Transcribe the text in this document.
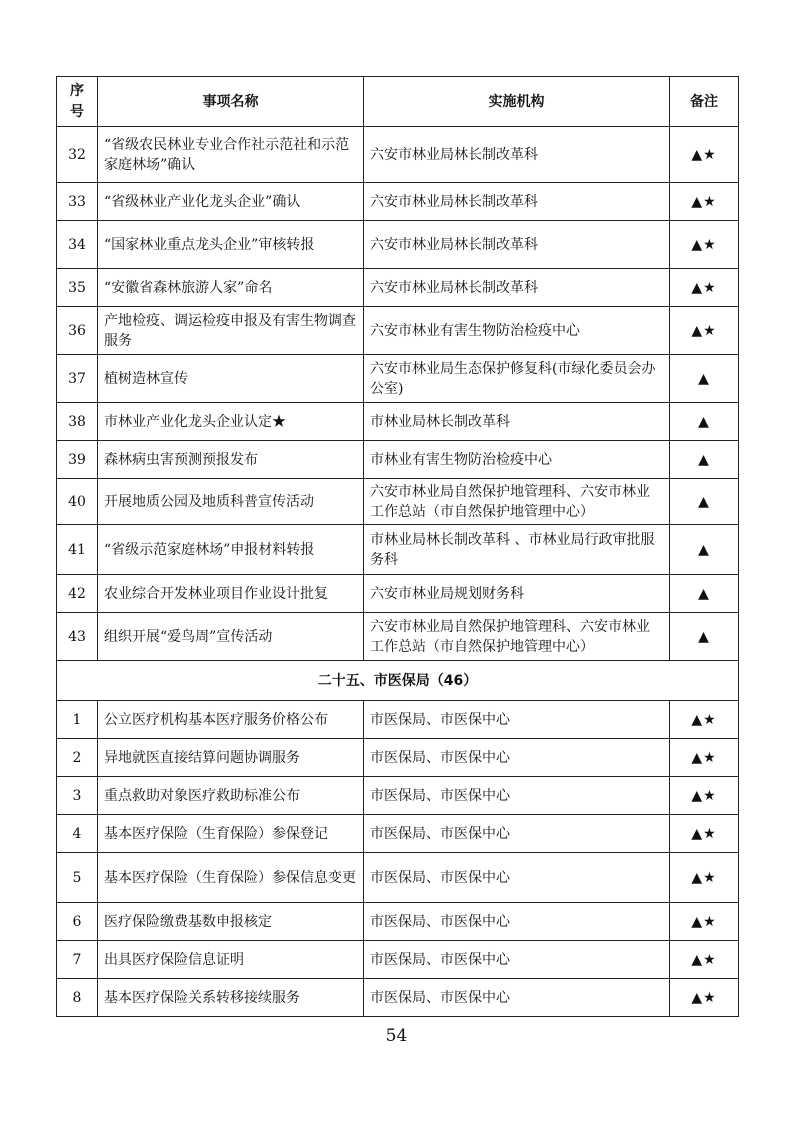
序
号	事项名称	实施机构	备注
32	“省级农民林业专业合作社示范社和示范家庭林场”确认	六安市林业局林长制改革科	▲★
33	“省级林业产业化龙头企业”确认	六安市林业局林长制改革科	▲★
34	“国家林业重点龙头企业”审核转报	六安市林业局林长制改革科	▲★
35	“安徽省森林旅游人家”命名	六安市林业局林长制改革科	▲★
36	产地检疫、调运检疫申报及有害生物调查服务	六安市林业有害生物防治检疫中心	▲★
37	植树造林宣传	六安市林业局生态保护修复科(市绿化委员会办公室)	▲
38	市林业产业化龙头企业认定★	市林业局林长制改革科	▲
39	森林病虫害预测预报发布	市林业有害生物防治检疫中心	▲
40	开展地质公园及地质科普宣传活动	六安市林业局自然保护地管理科、六安市林业工作总站（市自然保护地管理中心）	▲
41	“省级示范家庭林场”申报材料转报	市林业局林长制改革科 、市林业局行政审批服务科	▲
42	农业综合开发林业项目作业设计批复	六安市林业局规划财务科	▲
43	组织开展“爱鸟周”宣传活动	六安市林业局自然保护地管理科、六安市林业工作总站（市自然保护地管理中心）	▲
二十五、市医保局（46）			
1	公立医疗机构基本医疗服务价格公布	市医保局、市医保中心	▲★
2	异地就医直接结算问题协调服务	市医保局、市医保中心	▲★
3	重点救助对象医疗救助标准公布	市医保局、市医保中心	▲★
4	基本医疗保险（生育保险）参保登记	市医保局、市医保中心	▲★
5	基本医疗保险（生育保险）参保信息变更	市医保局、市医保中心	▲★
6	医疗保险缴费基数申报核定	市医保局、市医保中心	▲★
7	出具医疗保险信息证明	市医保局、市医保中心	▲★
8	基本医疗保险关系转移接续服务	市医保局、市医保中心	▲★
54
